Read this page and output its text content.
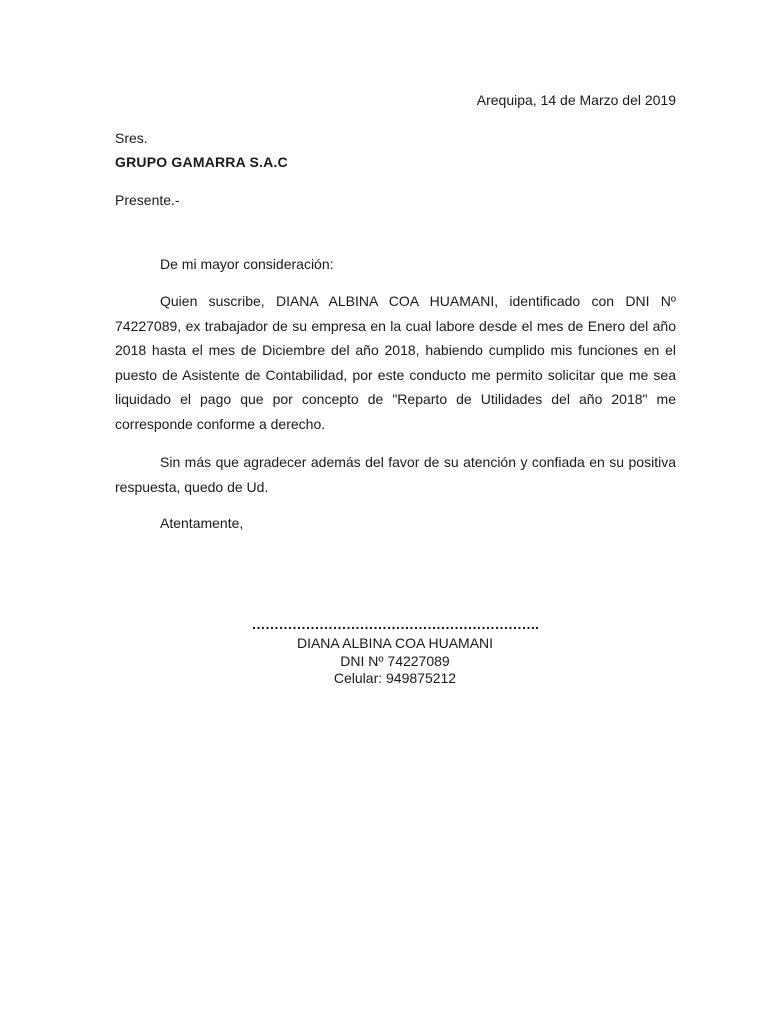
Arequipa, 14 de Marzo del 2019
Sres.
GRUPO GAMARRA S.A.C
Presente.-
De mi mayor consideración:

Quien suscribe, DIANA ALBINA COA HUAMANI, identificado con DNI Nº 74227089, ex trabajador de su empresa en la cual labore desde el mes de Enero del año 2018 hasta el mes de Diciembre del año 2018, habiendo cumplido mis funciones en el puesto de Asistente de Contabilidad, por este conducto me permito solicitar que me sea liquidado el pago que por concepto de "Reparto de Utilidades del año 2018" me corresponde conforme a derecho.

Sin más que agradecer además del favor de su atención y confiada en su positiva respuesta, quedo de Ud.

Atentamente,
……………………………………………………….
DIANA ALBINA COA HUAMANI
DNI Nº 74227089
Celular: 949875212
